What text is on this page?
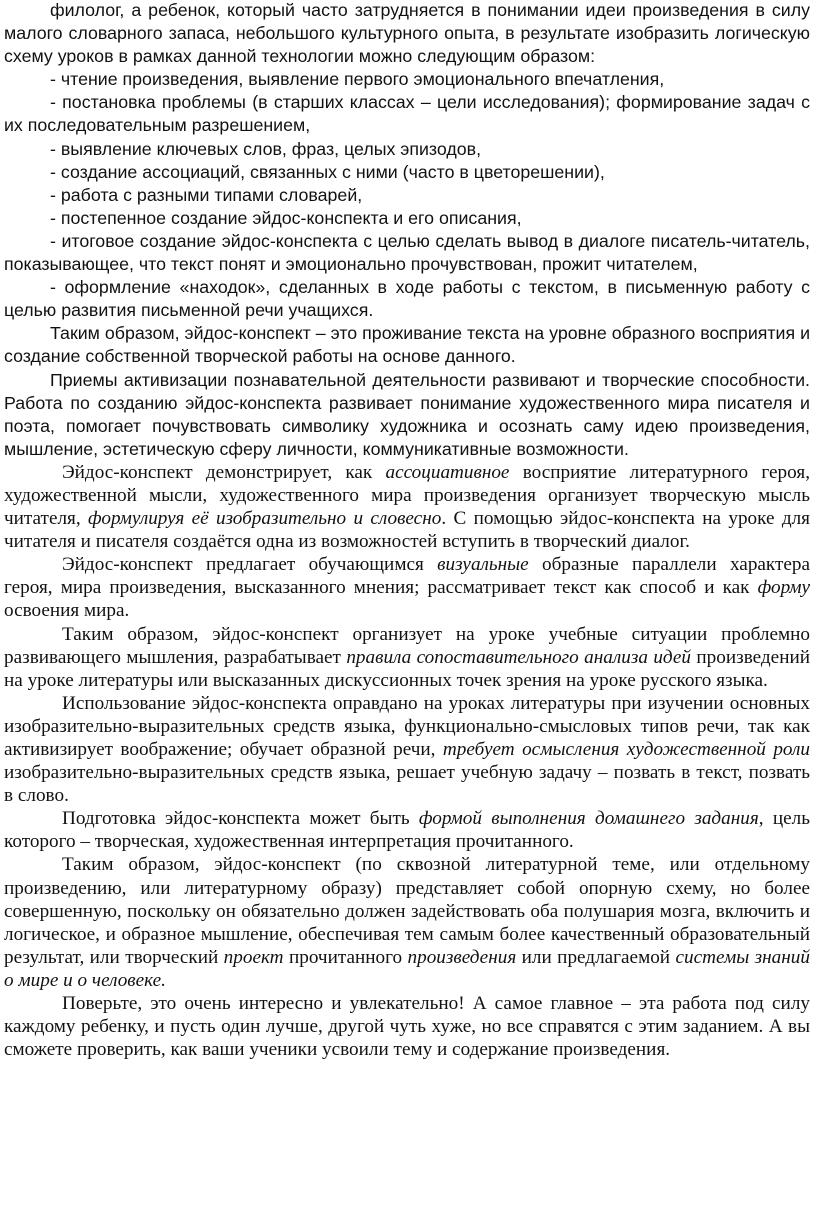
филолог, а ребенок, который часто затрудняется в понимании идеи произведения в силу малого словарного запаса, небольшого культурного опыта, в результате изобразить логическую схему уроков в рамках данной технологии можно следующим образом:

- чтение произведения, выявление первого эмоционального впечатления,

- постановка проблемы (в старших классах – цели исследования); формирование задач с их последовательным разрешением,

- выявление ключевых слов, фраз, целых эпизодов,

- создание ассоциаций, связанных с ними (часто в цветорешении),

- работа с разными типами словарей,

- постепенное создание эйдос-конспекта и его описания,

- итоговое создание эйдос-конспекта с целью сделать вывод в диалоге писатель-читатель, показывающее, что текст понят и эмоционально прочувствован, прожит читателем,

- оформление «находок», сделанных в ходе работы с текстом, в письменную работу с целью развития письменной речи учащихся.

Таким образом, эйдос-конспект – это проживание текста на уровне образного восприятия и создание собственной творческой работы на основе данного.

Приемы активизации познавательной деятельности развивают и творческие способности. Работа по созданию эйдос-конспекта развивает понимание художественного мира писателя и поэта, помогает почувствовать символику художника и осознать саму идею произведения, мышление, эстетическую сферу личности, коммуникативные возможности.

Эйдос-конспект демонстрирует, как ассоциативное восприятие литературного героя, художественной мысли, художественного мира произведения организует творческую мысль читателя, формулируя её изобразительно и словесно. С помощью эйдос-конспекта на уроке для читателя и писателя создаётся одна из возможностей вступить в творческий диалог.

Эйдос-конспект предлагает обучающимся визуальные образные параллели характера героя, мира произведения, высказанного мнения; рассматривает текст как способ и как форму освоения мира.

Таким образом, эйдос-конспект организует на уроке учебные ситуации проблемно развивающего мышления, разрабатывает правила сопоставительного анализа идей произведений на уроке литературы или высказанных дискуссионных точек зрения на уроке русского языка.

Использование эйдос-конспекта оправдано на уроках литературы при изучении основных изобразительно-выразительных средств языка, функционально-смысловых типов речи, так как активизирует воображение; обучает образной речи, требует осмысления художественной роли изобразительно-выразительных средств языка, решает учебную задачу – позвать в текст, позвать в слово.

Подготовка эйдос-конспекта может быть формой выполнения домашнего задания, цель которого – творческая, художественная интерпретация прочитанного.

Таким образом, эйдос-конспект (по сквозной литературной теме, или отдельному произведению, или литературному образу) представляет собой опорную схему, но более совершенную, поскольку он обязательно должен задействовать оба полушария мозга, включить и логическое, и образное мышление, обеспечивая тем самым более качественный образовательный результат, или творческий проект прочитанного произведения или предлагаемой системы знаний о мире и о человеке.

Поверьте, это очень интересно и увлекательно! А самое главное – эта работа под силу каждому ребенку, и пусть один лучше, другой чуть хуже, но все справятся с этим заданием. А вы сможете проверить, как ваши ученики усвоили тему и содержание произведения.
